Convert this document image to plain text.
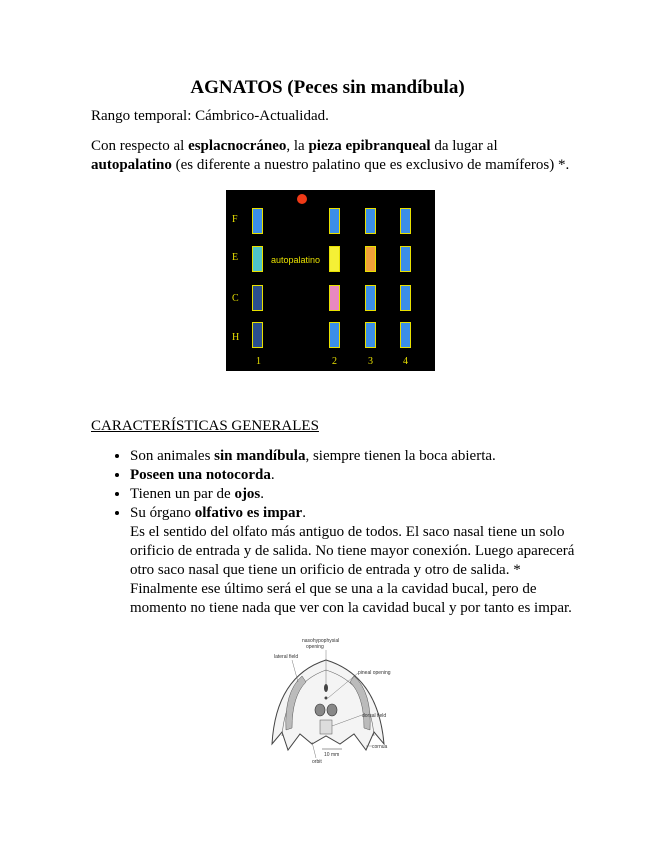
AGNATOS (Peces sin mandíbula)
Rango temporal: Cámbrico-Actualidad.
Con respecto al esplacnocráneo, la pieza epibranqueal da lugar al autopalatino (es diferente a nuestro palatino que es exclusivo de mamíferos) *.
F
E
C
H
autopalatino
1	2	3	4
CARACTERÍSTICAS GENERALES
• Son animales sin mandíbula, siempre tienen la boca abierta.
• Poseen una notocorda.
• Tienen un par de ojos.
• Su órgano olfativo es impar.
Es el sentido del olfato más antiguo de todos. El saco nasal tiene un solo orificio de entrada y de salida. No tiene mayor conexión. Luego aparecerá otro saco nasal que tiene un orificio de entrada y otro de salida. * Finalmente ese último será el que se una a la cavidad bucal, pero de momento no tiene nada que ver con la cavidad bucal y por tanto es impar.
nasohypophysial
opening
lateral field
pineal opening
dorsal field
cornua
10 mm
orbit
